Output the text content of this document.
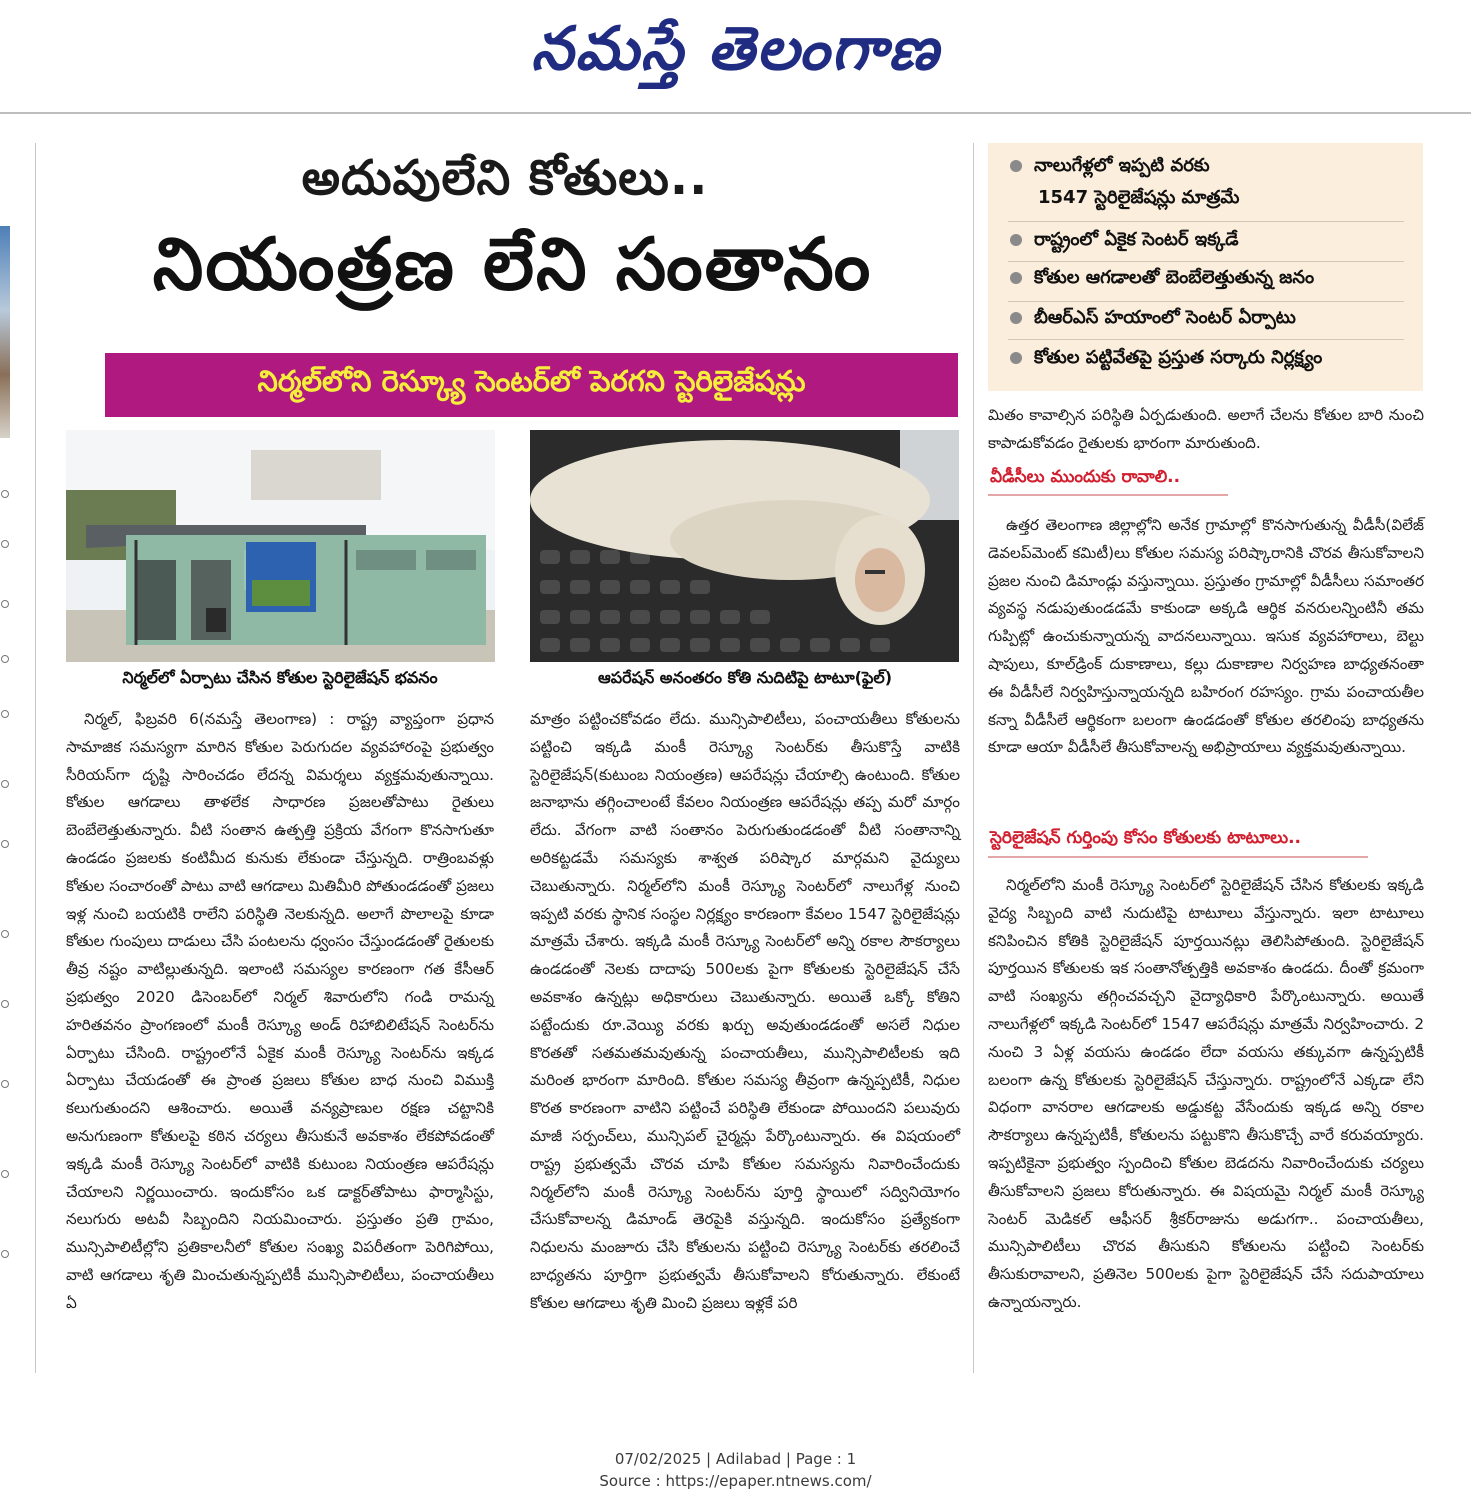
నమస్తే తెలంగాణ
అదుపులేని కోతులు..
నియంత్రణ లేని సంతానం
నిర్మల్‌లోని రెస్క్యూ సెంటర్‌లో పెరగని స్టెరిలైజేషన్లు
నిర్మల్‌లో ఏర్పాటు చేసిన కోతుల స్టెరిలైజేషన్ భవనం	ఆపరేషన్ అనంతరం కోతి నుదిటిపై టాటూ(ఫైల్)

నిర్మల్, ఫిబ్రవరి 6(నమస్తే తెలంగాణ) : రాష్ట్ర వ్యాప్తంగా ప్రధాన సామాజిక సమస్యగా మారిన కోతుల పెరుగుదల వ్యవహారంపై ప్రభుత్వం సీరియస్‌గా దృష్టి సారించడం లేదన్న విమర్శలు వ్యక్తమవుతున్నాయి. కోతుల ఆగడాలు తాళలేక సాధారణ ప్రజలతోపాటు రైతులు బెంబేలెత్తుతున్నారు. వీటి సంతాన ఉత్పత్తి ప్రక్రియ వేగంగా కొనసాగుతూ ఉండడం ప్రజలకు కంటిమీద కునుకు లేకుండా చేస్తున్నది. రాత్రింబవళ్లు కోతుల సంచారంతో పాటు వాటి ఆగడాలు మితిమీరి పోతుండడంతో ప్రజలు ఇళ్ల నుంచి బయటికి రాలేని పరిస్థితి నెలకున్నది. అలాగే పొలాలపై కూడా కోతుల గుంపులు దాడులు చేసి పంటలను ధ్వంసం చేస్తుండడంతో రైతులకు తీవ్ర నష్టం వాటిల్లుతున్నది. ఇలాంటి సమస్యల కారణంగా గత కేసీఆర్ ప్రభుత్వం 2020 డిసెంబర్‌లో నిర్మల్ శివారులోని గండి రామన్న హరితవనం ప్రాంగణంలో మంకీ రెస్క్యూ అండ్ రిహాబిలిటేషన్ సెంటర్‌ను ఏర్పాటు చేసింది. రాష్ట్రంలోనే ఏకైక మంకీ రెస్క్యూ సెంటర్‌ను ఇక్కడ ఏర్పాటు చేయడంతో ఈ ప్రాంత ప్రజలు కోతుల బాధ నుంచి విముక్తి కలుగుతుందని ఆశించారు. అయితే వన్యప్రాణుల రక్షణ చట్టానికి అనుగుణంగా కోతులపై కఠిన చర్యలు తీసుకునే అవకాశం లేకపోవడంతో ఇక్కడి మంకీ రెస్క్యూ సెంటర్‌లో వాటికి కుటుంబ నియంత్రణ ఆపరేషన్లు చేయాలని నిర్ణయించారు. ఇందుకోసం ఒక డాక్టర్‌తోపాటు ఫార్మాసిస్టు, నలుగురు అటవీ సిబ్బందిని నియమించారు. ప్రస్తుతం ప్రతి గ్రామం, మున్సిపాలిటీల్లోని ప్రతికాలనీలో కోతుల సంఖ్య విపరీతంగా పెరిగిపోయి, వాటి ఆగడాలు శృతి మించుతున్నప్పటికీ మున్సిపాలిటీలు, పంచాయతీలు ఏ

మాత్రం పట్టించకోవడం లేదు. మున్సిపాలిటీలు, పంచాయతీలు కోతులను పట్టించి ఇక్కడి మంకీ రెస్క్యూ సెంటర్‌కు తీసుకొస్తే వాటికి స్టెరిలైజేషన్(కుటుంబ నియంత్రణ) ఆపరేషన్లు చేయాల్సి ఉంటుంది. కోతుల జనాభాను తగ్గించాలంటే కేవలం నియంత్రణ ఆపరేషన్లు తప్ప మరో మార్గం లేదు. వేగంగా వాటి సంతానం పెరుగుతుండడంతో వీటి సంతానాన్ని అరికట్టడమే సమస్యకు శాశ్వత పరిష్కార మార్గమని వైద్యులు చెబుతున్నారు. నిర్మల్‌లోని మంకీ రెస్క్యూ సెంటర్‌లో నాలుగేళ్ల నుంచి ఇప్పటి వరకు స్థానిక సంస్థల నిర్లక్ష్యం కారణంగా కేవలం 1547 స్టెరిలైజేషన్లు మాత్రమే చేశారు. ఇక్కడి మంకీ రెస్క్యూ సెంటర్‌లో అన్ని రకాల సౌకర్యాలు ఉండడంతో నెలకు దాదాపు 500లకు పైగా కోతులకు స్టెరిలైజేషన్ చేసే అవకాశం ఉన్నట్లు అధికారులు చెబుతున్నారు. అయితే ఒక్కో కోతిని పట్టేందుకు రూ.వెయ్యి వరకు ఖర్చు అవుతుండడంతో అసలే నిధుల కొరతతో సతమతమవుతున్న పంచాయతీలు, మున్సిపాలిటీలకు ఇది మరింత భారంగా మారింది. కోతుల సమస్య తీవ్రంగా ఉన్నప్పటికీ, నిధుల కొరత కారణంగా వాటిని పట్టించే పరిస్థితి లేకుండా పోయిందని పలువురు మాజీ సర్పంచ్‌లు, మున్సిపల్ చైర్మన్లు పేర్కొంటున్నారు. ఈ విషయంలో రాష్ట్ర ప్రభుత్వమే చొరవ చూపి కోతుల సమస్యను నివారించేందుకు నిర్మల్‌లోని మంకీ రెస్క్యూ సెంటర్‌ను పూర్తి స్థాయిలో సద్వినియోగం చేసుకోవాలన్న డిమాండ్ తెరపైకి వస్తున్నది. ఇందుకోసం ప్రత్యేకంగా నిధులను మంజూరు చేసి కోతులను పట్టించి రెస్క్యూ సెంటర్‌కు తరలించే బాధ్యతను పూర్తిగా ప్రభుత్వమే తీసుకోవాలని కోరుతున్నారు. లేకుంటే కోతుల ఆగడాలు శృతి మించి ప్రజలు ఇళ్లకే పరి

నాలుగేళ్లలో ఇప్పటి వరకు
1547 స్టెరిలైజేషన్లు మాత్రమే
రాష్ట్రంలో ఏకైక సెంటర్ ఇక్కడే
కోతుల ఆగడాలతో బెంబేలెత్తుతున్న జనం
బీఆర్‌ఎస్ హయాంలో సెంటర్ ఏర్పాటు
కోతుల పట్టివేతపై ప్రస్తుత సర్కారు నిర్లక్ష్యం

మితం కావాల్సిన పరిస్థితి ఏర్పడుతుంది. అలాగే చేలను కోతుల బారి నుంచి కాపాడుకోవడం రైతులకు భారంగా మారుతుంది.

వీడీసీలు ముందుకు రావాలి..

ఉత్తర తెలంగాణ జిల్లాల్లోని అనేక గ్రామాల్లో కొనసాగుతున్న వీడీసీ(విలేజ్ డెవలప్‌మెంట్ కమిటీ)లు కోతుల సమస్య పరిష్కారానికి చొరవ తీసుకోవాలని ప్రజల నుంచి డిమాండ్లు వస్తున్నాయి. ప్రస్తుతం గ్రామాల్లో వీడీసీలు సమాంతర వ్యవస్థ నడుపుతుండడమే కాకుండా అక్కడి ఆర్థిక వనరులన్నింటినీ తమ గుప్పిట్లో ఉంచుకున్నాయన్న వాదనలున్నాయి. ఇసుక వ్యవహారాలు, బెల్టు షాపులు, కూల్‌డ్రింక్ దుకాణాలు, కల్లు దుకాణాల నిర్వహణ బాధ్యతనంతా ఈ వీడీసీలే నిర్వహిస్తున్నాయన్నది బహిరంగ రహస్యం. గ్రామ పంచాయతీల కన్నా వీడీసీలే ఆర్థికంగా బలంగా ఉండడంతో కోతుల తరలింపు బాధ్యతను కూడా ఆయా వీడీసీలే తీసుకోవాలన్న అభిప్రాయాలు వ్యక్తమవుతున్నాయి.

స్టెరిలైజేషన్ గుర్తింపు కోసం కోతులకు టాటూలు..

నిర్మల్‌లోని మంకీ రెస్క్యూ సెంటర్‌లో స్టెరిలైజేషన్ చేసిన కోతులకు ఇక్కడి వైద్య సిబ్బంది వాటి నుదుటిపై టాటూలు వేస్తున్నారు. ఇలా టాటూలు కనిపించిన కోతికి స్టెరిలైజేషన్ పూర్తయినట్లు తెలిసిపోతుంది. స్టెరిలైజేషన్ పూర్తయిన కోతులకు ఇక సంతానోత్పత్తికి అవకాశం ఉండదు. దీంతో క్రమంగా వాటి సంఖ్యను తగ్గించవచ్చని వైద్యాధికారి పేర్కొంటున్నారు. అయితే నాలుగేళ్లలో ఇక్కడి సెంటర్‌లో 1547 ఆపరేషన్లు మాత్రమే నిర్వహించారు. 2 నుంచి 3 ఏళ్ల వయసు ఉండడం లేదా వయసు తక్కువగా ఉన్నప్పటికీ బలంగా ఉన్న కోతులకు స్టెరిలైజేషన్ చేస్తున్నారు. రాష్ట్రంలోనే ఎక్కడా లేని విధంగా వానరాల ఆగడాలకు అడ్డుకట్ట వేసేందుకు ఇక్కడ అన్ని రకాల సౌకర్యాలు ఉన్నప్పటికీ, కోతులను పట్టుకొని తీసుకొచ్చే వారే కరువయ్యారు. ఇప్పటికైనా ప్రభుత్వం స్పందించి కోతుల బెడదను నివారించేందుకు చర్యలు తీసుకోవాలని ప్రజలు కోరుతున్నారు. ఈ విషయమై నిర్మల్ మంకీ రెస్క్యూ సెంటర్ మెడికల్ ఆఫీసర్ శ్రీకర్‌రాజును అడుగగా.. పంచాయతీలు, మున్సిపాలిటీలు చొరవ తీసుకుని కోతులను పట్టించి సెంటర్‌కు తీసుకురావాలని, ప్రతినెల 500లకు పైగా స్టెరిలైజేషన్ చేసే సదుపాయాలు ఉన్నాయన్నారు.

07/02/2025 | Adilabad | Page : 1
Source : https://epaper.ntnews.com/
